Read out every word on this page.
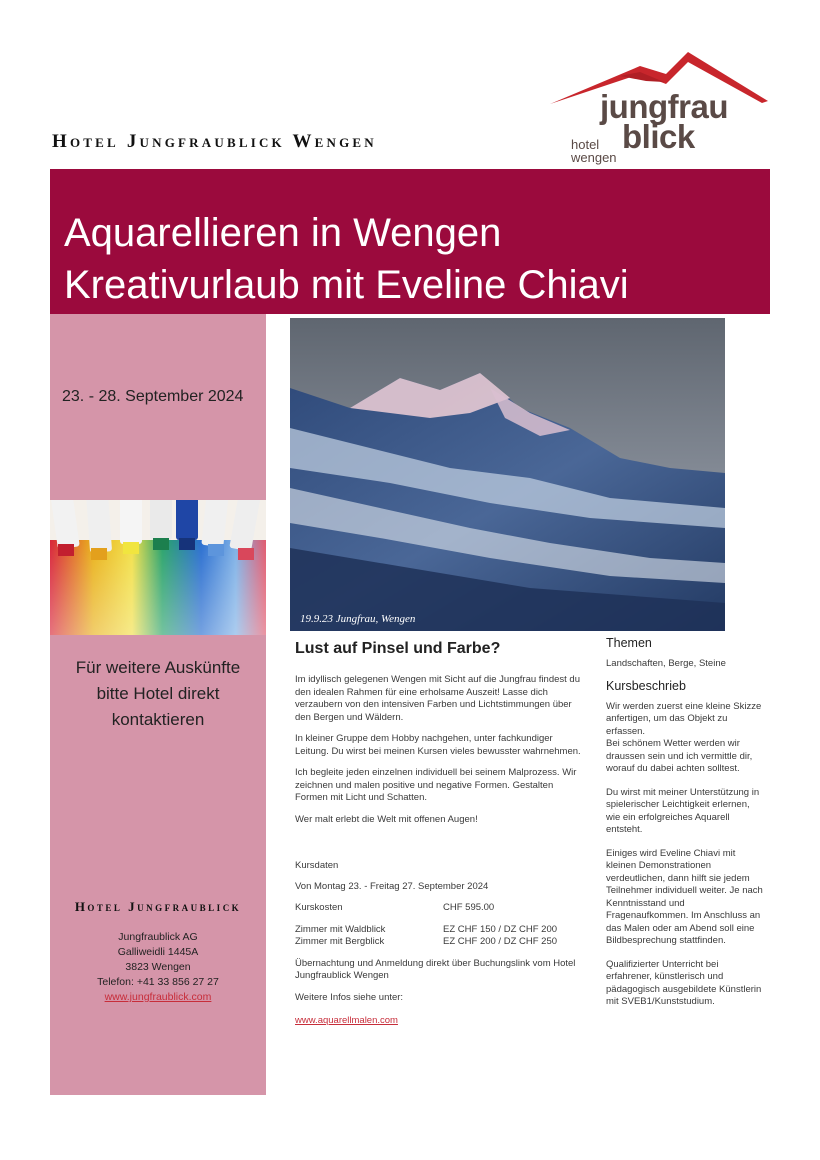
Hotel Jungfraublick Wengen
jungfrau
blick
hotel
wengen
Aquarellieren in Wengen
Kreativurlaub mit Eveline Chiavi
23. - 28. September 2024
Für weitere Auskünfte
bitte Hotel direkt
kontaktieren
Hotel Jungfraublick
Jungfraublick AG
Galliweidli 1445A
3823 Wengen
Telefon: +41 33 856 27 27
www.jungfraublick.com
19.9.23 Jungfrau, Wengen
Lust auf Pinsel und Farbe?

Im idyllisch gelegenen Wengen mit Sicht auf die Jungfrau findest du den idealen Rahmen für eine erholsame Auszeit! Lasse dich verzaubern von den intensiven Farben und Lichtstimmungen über den Bergen und Wäldern.

In kleiner Gruppe dem Hobby nachgehen, unter fachkundiger Leitung. Du wirst bei meinen Kursen vieles bewusster wahrnehmen.

Ich begleite jeden einzelnen individuell bei seinem Malprozess. Wir zeichnen und malen positive und negative Formen. Gestalten Formen mit Licht und Schatten.

Wer malt erlebt die Welt mit offenen Augen!

Kursdaten
Von Montag 23. - Freitag 27. September 2024
Kurskosten	CHF 595.00
Zimmer mit Waldblick	EZ CHF 150 / DZ CHF 200
Zimmer mit Bergblick	EZ CHF 200 / DZ CHF 250
Übernachtung und Anmeldung direkt über Buchungslink vom Hotel Jungfraublick Wengen
Weitere Infos siehe unter:
www.aquarellmalen.com
Themen

Landschaften, Berge, Steine

Kursbeschrieb

Wir werden zuerst eine kleine Skizze anfertigen, um das Objekt zu erfassen.
Bei schönem Wetter werden wir draussen sein und ich vermittle dir, worauf du dabei achten solltest.

Du wirst mit meiner Unterstützung in spielerischer Leichtigkeit erlernen, wie ein erfolgreiches Aquarell entsteht.

Einiges wird Eveline Chiavi mit kleinen Demonstrationen verdeutlichen, dann hilft sie jedem Teilnehmer individuell weiter. Je nach Kenntnisstand und Fragenaufkommen. Im Anschluss an das Malen oder am Abend soll eine Bildbesprechung stattfinden.

Qualifizierter Unterricht bei erfahrener, künstlerisch und pädagogisch ausgebildete Künstlerin mit SVEB1/Kunststudium.
